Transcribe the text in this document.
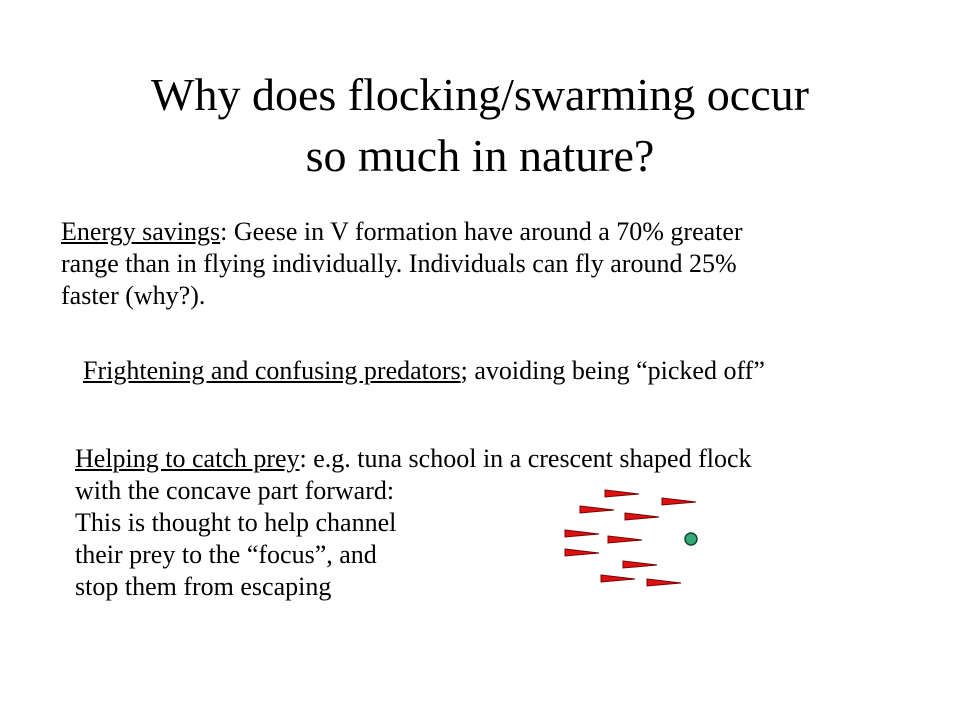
Why does flocking/swarming occur
so much in nature?
Energy savings: Geese in V formation have around a 70% greater
range than in flying individually. Individuals can fly around 25%
faster (why?).
Frightening and confusing predators; avoiding being “picked off”
Helping to catch prey: e.g. tuna school in a crescent shaped flock
with the concave part forward:
This is thought to help channel
their prey to the “focus”, and
stop them from escaping
